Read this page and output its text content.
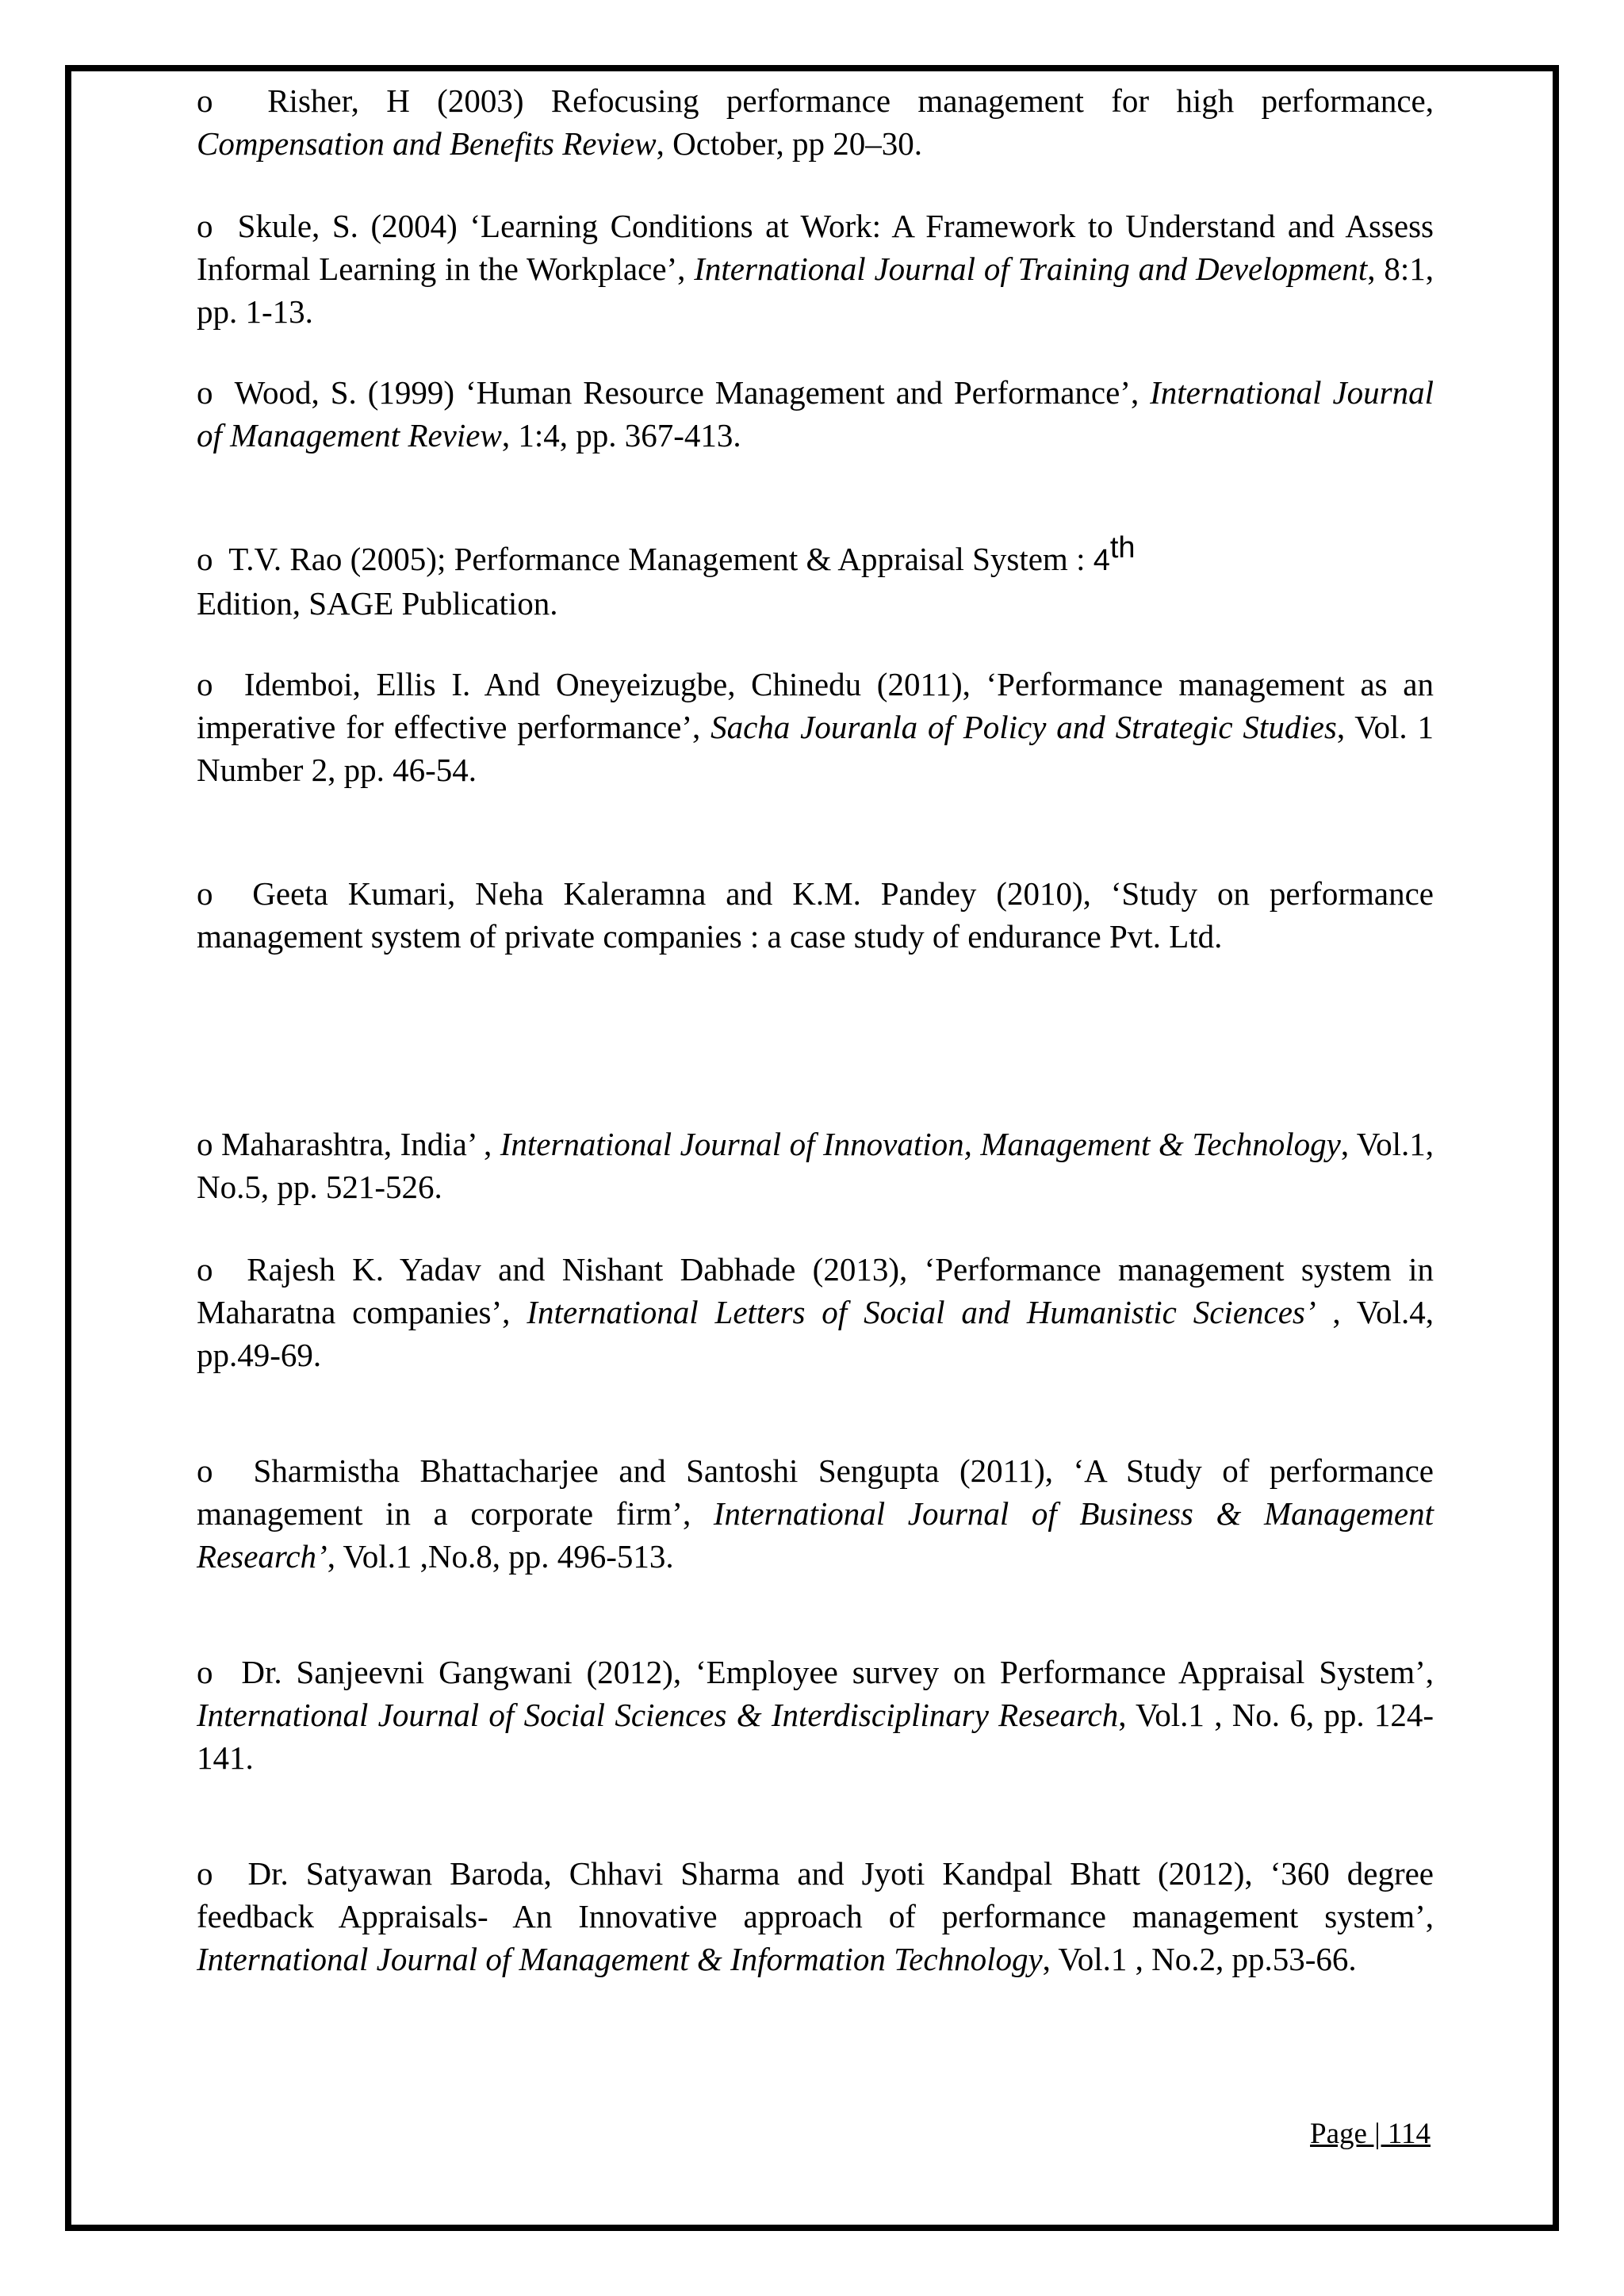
o Risher, H (2003) Refocusing performance management for high performance, Compensation and Benefits Review, October, pp 20–30.

o Skule, S. (2004) ‘Learning Conditions at Work: A Framework to Understand and Assess Informal Learning in the Workplace’, International Journal of Training and Development, 8:1, pp. 1-13.

o Wood, S. (1999) ‘Human Resource Management and Performance’, International Journal of Management Review, 1:4, pp. 367-413.

o T.V. Rao (2005); Performance Management & Appraisal System : 4th Edition, SAGE Publication.

o Idemboi, Ellis I. And Oneyeizugbe, Chinedu (2011), ‘Performance management as an imperative for effective performance’, Sacha Jouranla of Policy and Strategic Studies, Vol. 1 Number 2, pp. 46-54.

o Geeta Kumari, Neha Kaleramna and K.M. Pandey (2010), ‘Study on performance management system of private companies : a case study of endurance Pvt. Ltd.

o Maharashtra, India’ , International Journal of Innovation, Management & Technology, Vol.1, No.5, pp. 521-526.

o Rajesh K. Yadav and Nishant Dabhade (2013), ‘Performance management system in Maharatna companies’, International Letters of Social and Humanistic Sciences’ , Vol.4, pp.49-69.

o Sharmistha Bhattacharjee and Santoshi Sengupta (2011), ‘A Study of performance management in a corporate firm’, International Journal of Business & Management Research’, Vol.1 ,No.8, pp. 496-513.

o Dr. Sanjeevni Gangwani (2012), ‘Employee survey on Performance Appraisal System’, International Journal of Social Sciences & Interdisciplinary Research, Vol.1 , No. 6, pp. 124-141.

o Dr. Satyawan Baroda, Chhavi Sharma and Jyoti Kandpal Bhatt (2012), ‘360 degree feedback Appraisals- An Innovative approach of performance management system’, International Journal of Management & Information Technology, Vol.1 , No.2, pp.53-66.

Page | 114
